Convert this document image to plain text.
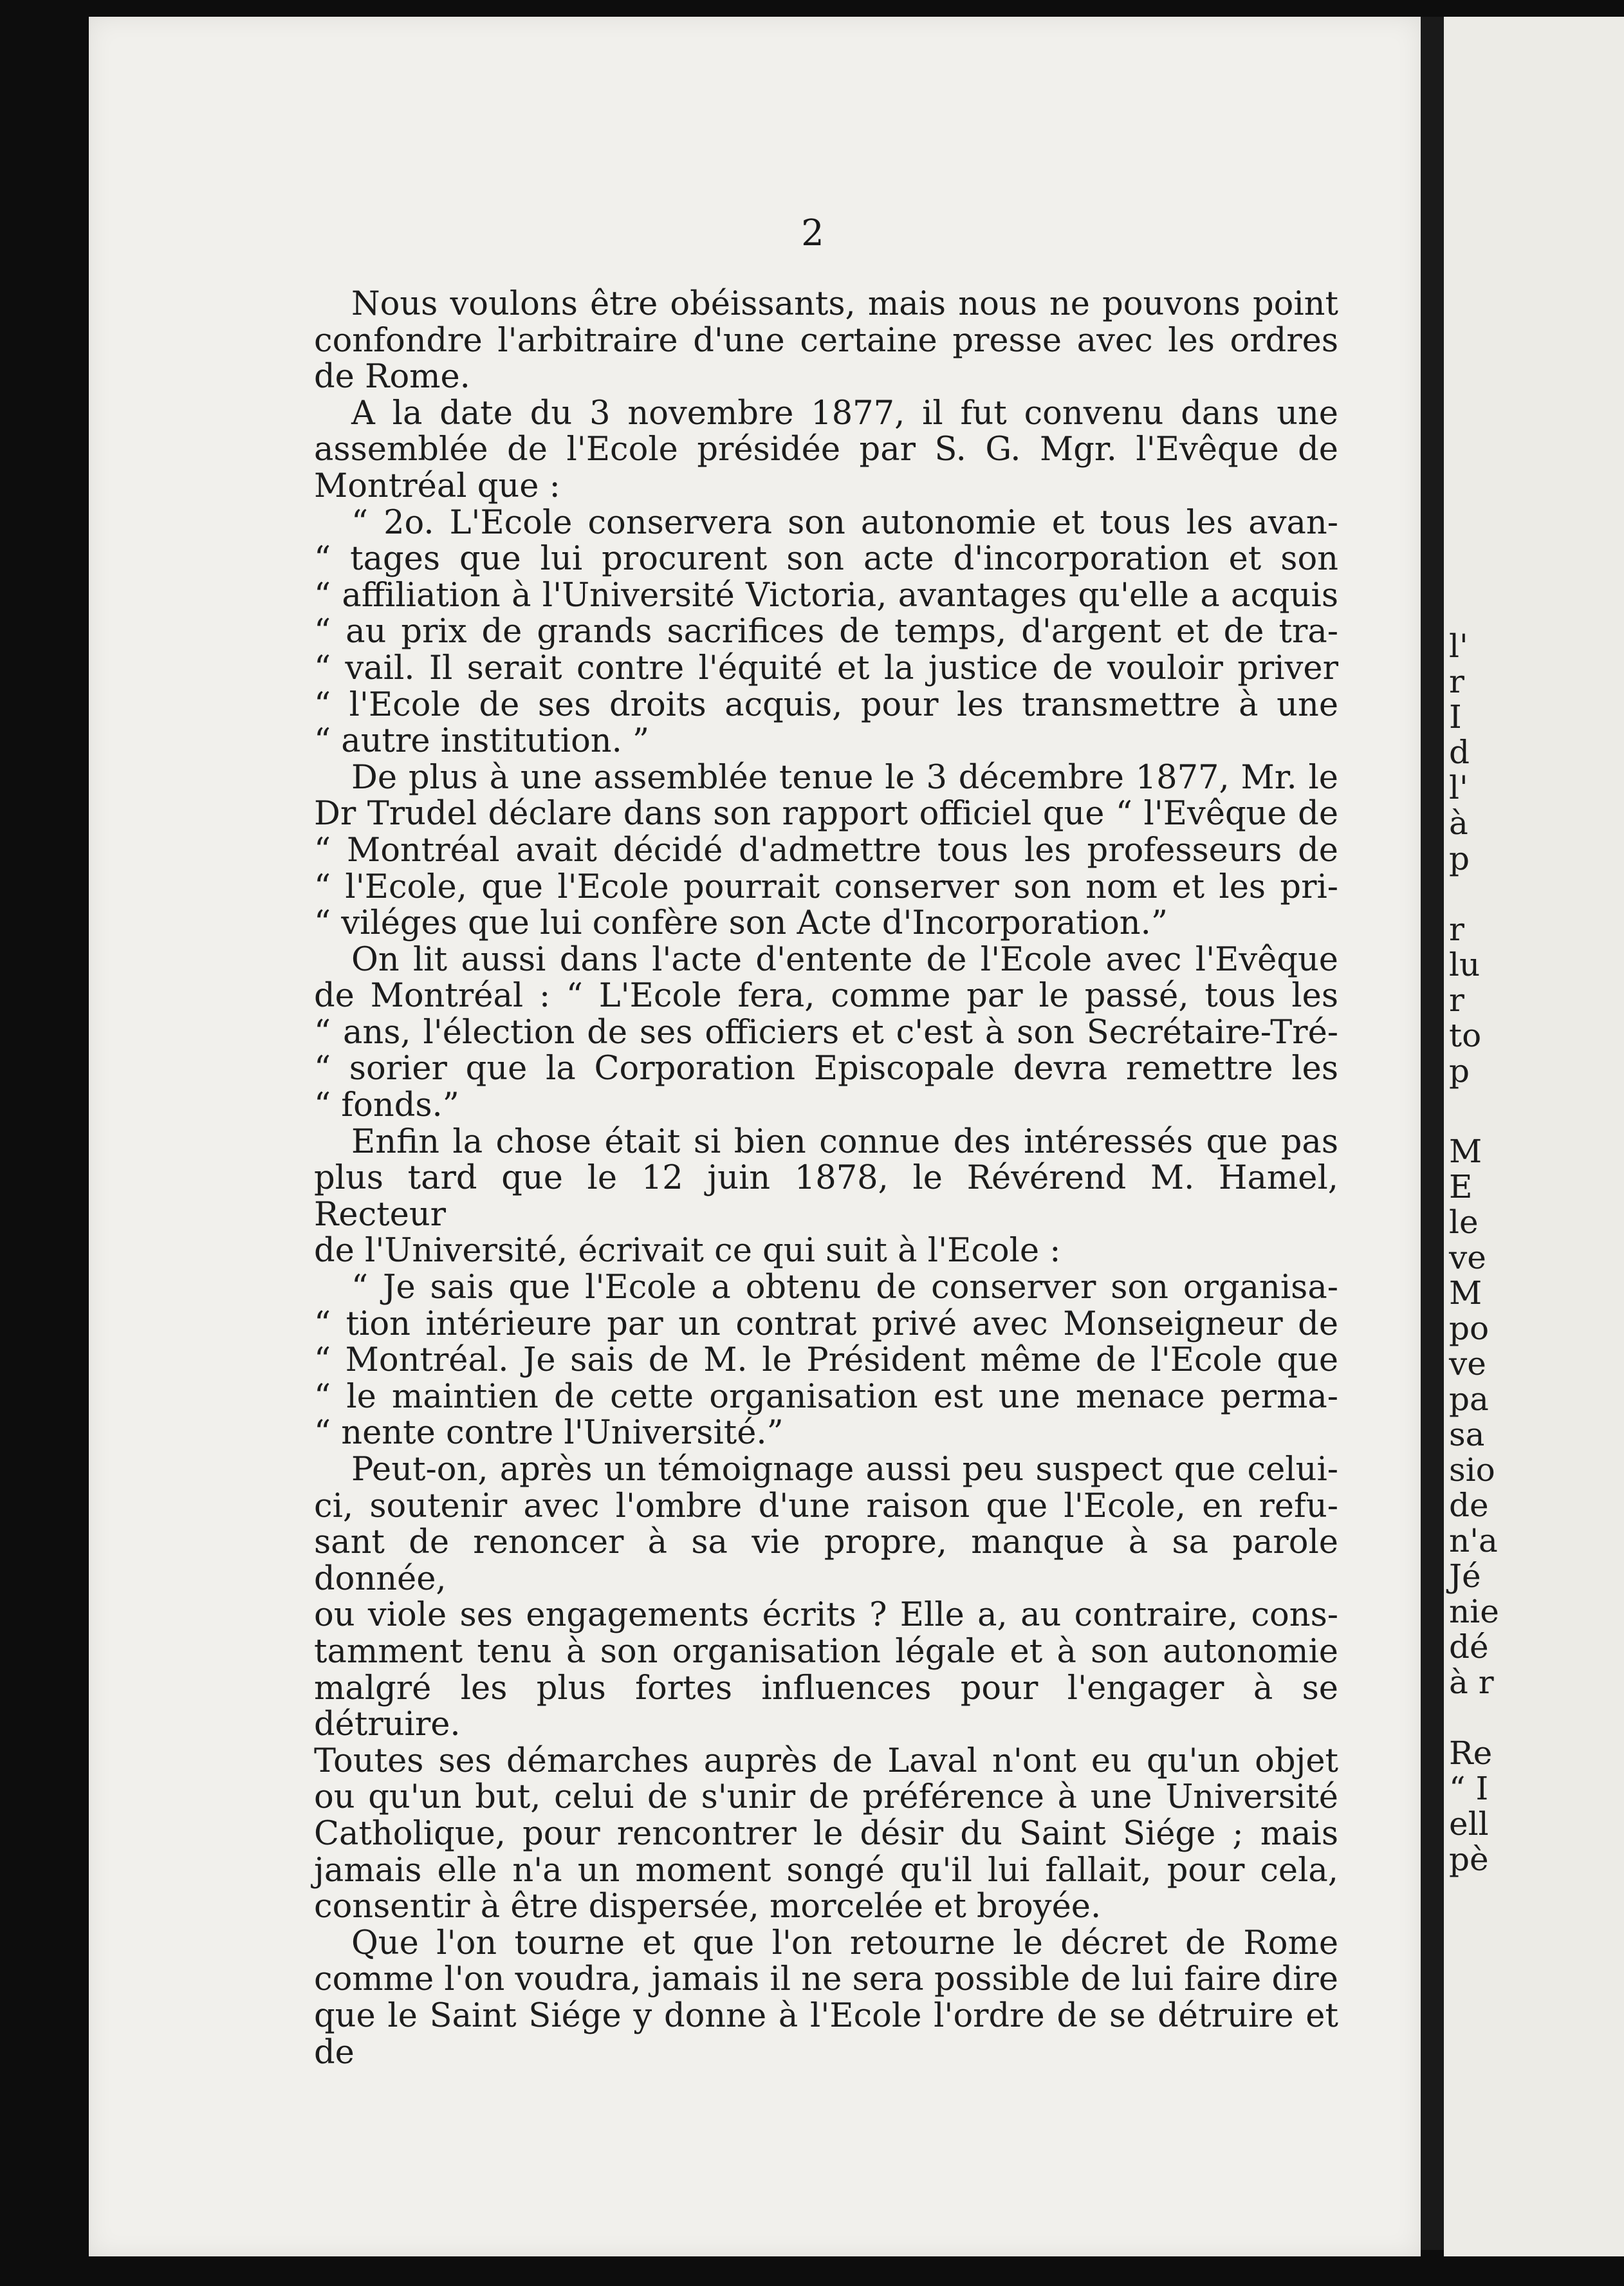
l'
r
I
d
l'
à
p
r
lu
r
to
p
M
E
le
ve
M
po
ve
pa
sa
sio
de
n'a
Jé
nie
dé
à r
Re
“ I
ell
pè
2

Nous voulons être obéissants, mais nous ne pouvons point

confondre l'arbitraire d'une certaine presse avec les ordres

de Rome.

A la date du 3 novembre 1877, il fut convenu dans une

assemblée de l'Ecole présidée par S. G. Mgr. l'Evêque de

Montréal que :

“ 2o. L'Ecole conservera son autonomie et tous les avan-

“ tages que lui procurent son acte d'incorporation et son

“ affiliation à l'Université Victoria, avantages qu'elle a acquis

“ au prix de grands sacrifices de temps, d'argent et de tra-

“ vail. Il serait contre l'équité et la justice de vouloir priver

“ l'Ecole de ses droits acquis, pour les transmettre à une

“ autre institution. ”

De plus à une assemblée tenue le 3 décembre 1877, Mr. le

Dr Trudel déclare dans son rapport officiel que “ l'Evêque de

“ Montréal avait décidé d'admettre tous les professeurs de

“ l'Ecole, que l'Ecole pourrait conserver son nom et les pri-

“ viléges que lui confère son Acte d'Incorporation.”

On lit aussi dans l'acte d'entente de l'Ecole avec l'Evêque

de Montréal : “ L'Ecole fera, comme par le passé, tous les

“ ans, l'élection de ses officiers et c'est à son Secrétaire-Tré-

“ sorier que la Corporation Episcopale devra remettre les

“ fonds.”

Enfin la chose était si bien connue des intéressés que pas

plus tard que le 12 juin 1878, le Révérend M. Hamel, Recteur

de l'Université, écrivait ce qui suit à l'Ecole :

“ Je sais que l'Ecole a obtenu de conserver son organisa-

“ tion intérieure par un contrat privé avec Monseigneur de

“ Montréal. Je sais de M. le Président même de l'Ecole que

“ le maintien de cette organisation est une menace perma-

“ nente contre l'Université.”

Peut-on, après un témoignage aussi peu suspect que celui-

ci, soutenir avec l'ombre d'une raison que l'Ecole, en refu-

sant de renoncer à sa vie propre, manque à sa parole donnée,

ou viole ses engagements écrits ? Elle a, au contraire, cons-

tamment tenu à son organisation légale et à son autonomie

malgré les plus fortes influences pour l'engager à se détruire.

Toutes ses démarches auprès de Laval n'ont eu qu'un objet

ou qu'un but, celui de s'unir de préférence à une Université

Catholique, pour rencontrer le désir du Saint Siége ; mais

jamais elle n'a un moment songé qu'il lui fallait, pour cela,

consentir à être dispersée, morcelée et broyée.

Que l'on tourne et que l'on retourne le décret de Rome

comme l'on voudra, jamais il ne sera possible de lui faire dire

que le Saint Siége y donne à l'Ecole l'ordre de se détruire et de
